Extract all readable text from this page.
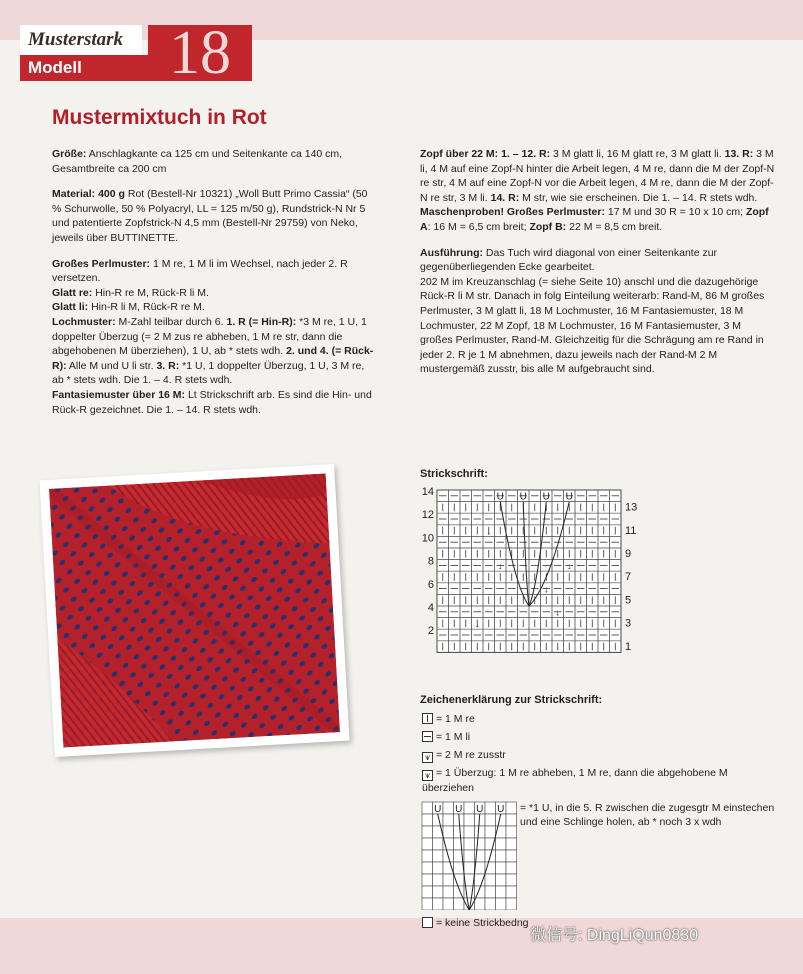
Musterstark
Modell	18
Mustermixtuch in Rot

Größe: Anschlagkante ca 125 cm und Seitenkante ca 140 cm, Gesamtbreite ca 200 cm

Material: 400 g Rot (Bestell-Nr 10321) „Woll Butt Primo Cassia“ (50 % Schurwolle, 50 % Polyacryl, LL = 125 m/50 g), Rundstrick-N Nr 5 und patentierte Zopfstrick-N 4,5 mm (Bestell-Nr 29759) von Neko, jeweils über BUTTINETTE.

Großes Perlmuster: 1 M re, 1 M li im Wechsel, nach jeder 2. R versetzen.

Glatt re: Hin-R re M, Rück-R li M.

Glatt li: Hin-R li M, Rück-R re M.

Lochmuster: M-Zahl teilbar durch 6. 1. R (= Hin-R): *3 M re, 1 U, 1 doppelter Überzug (= 2 M zus re abheben, 1 M re str, dann die abgehobenen M überziehen), 1 U, ab * stets wdh. 2. und 4. (= Rück-R): Alle M und U li str. 3. R: *1 U, 1 doppelter Überzug, 1 U, 3 M re, ab * stets wdh. Die 1. – 4. R stets wdh.

Fantasiemuster über 16 M: Lt Strickschrift arb. Es sind die Hin- und Rück-R gezeichnet. Die 1. – 14. R stets wdh.

Zopf über 22 M: 1. – 12. R: 3 M glatt li, 16 M glatt re, 3 M glatt li. 13. R: 3 M li, 4 M auf eine Zopf-N hinter die Arbeit legen, 4 M re, dann die M der Zopf-N re str, 4 M auf eine Zopf-N vor die Arbeit legen, 4 M re, dann die M der Zopf-N re str, 3 M li. 14. R: M str, wie sie erscheinen. Die 1. – 14. R stets wdh.

Maschenproben! Großes Perlmuster: 17 M und 30 R = 10 x 10 cm; Zopf A: 16 M = 6,5 cm breit; Zopf B: 22 M = 8,5 cm breit.

Ausführung: Das Tuch wird diagonal von einer Seitenkante zur gegenüberliegenden Ecke gearbeitet.
202 M im Kreuzanschlag (= siehe Seite 10) anschl und die dazugehörige Rück-R li M str. Danach in folg Einteilung weiterarb: Rand-M, 86 M großes Perlmuster, 3 M glatt li, 18 M Lochmuster, 16 M Fantasiemuster, 18 M Lochmuster, 22 M Zopf, 18 M Lochmuster, 16 M Fantasiemuster, 3 M großes Perlmuster, Rand-M. Gleichzeitig für die Schrägung am re Rand in jeder 2. R je 1 M abnehmen, dazu jeweils nach der Rand-M 2 M mustergemäß zusstr, bis alle M aufgebraucht sind.

Strickschrift:
U U U U
↓
↓
↓
↓
↓
↓
14
12
10
8
6
4
2
13
11
9
7
5
3
1
Zeichenerklärung zur Strickschrift:
= 1 M re
= 1 M li
⩛ = 2 M re zusstr
⩛ = 1 Überzug: 1 M re abheben, 1 M re, dann die abgehobene M überziehen
U U U U = *1 U, in die 5. R zwischen die zugesgtr M einstechen und eine Schlinge holen, ab * noch 3 x wdh
= keine Strickbedng
微信号: DingLiQun0830
